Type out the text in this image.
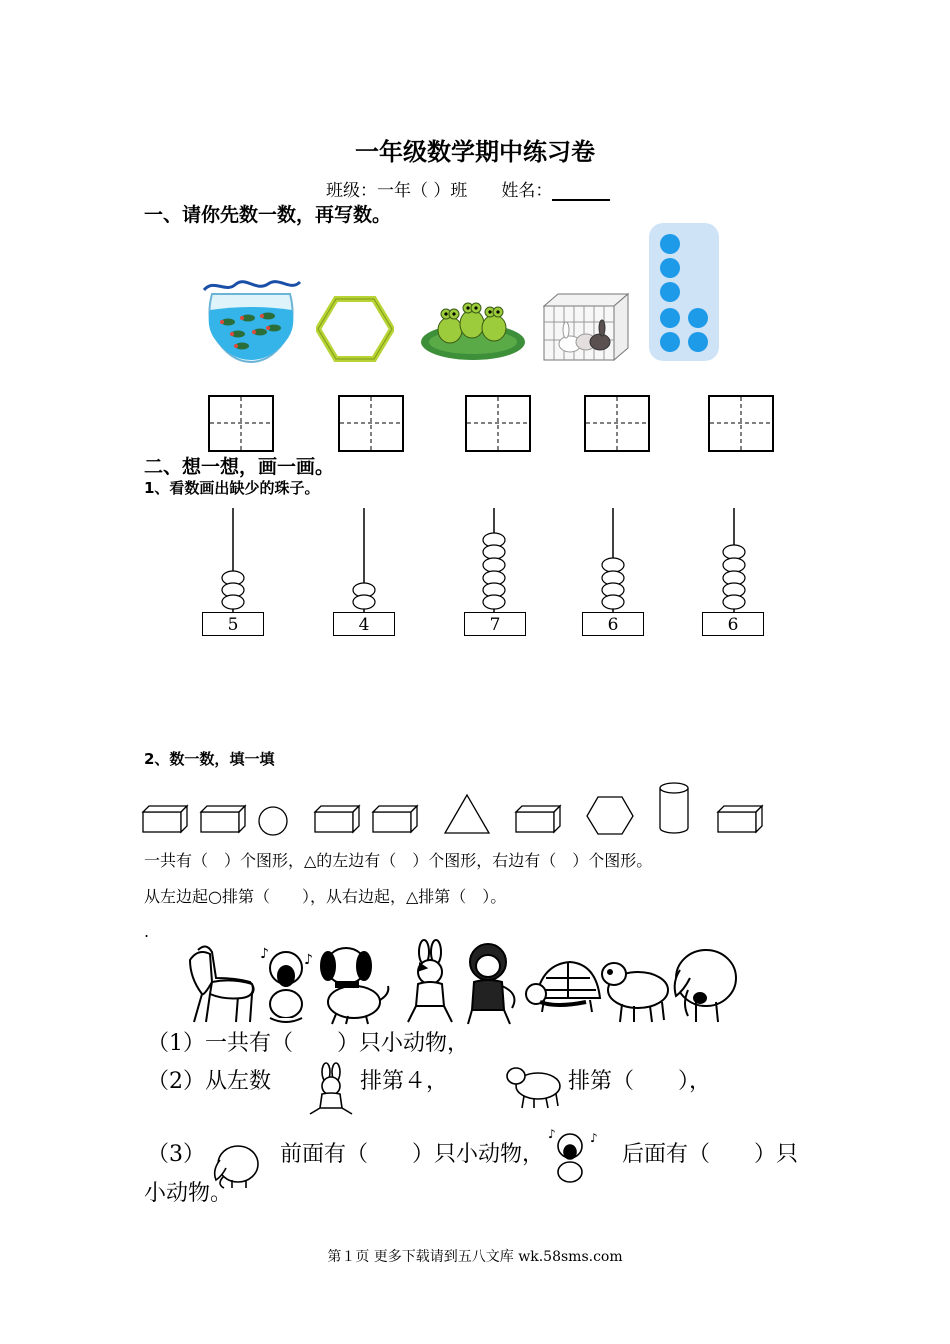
一年级数学期中练习卷
班级：一年（ ）班　　姓名：
一、请你先数一数，再写数。
二、想一想，画一画。
1、看数画出缺少的珠子。
5	4	7	6	6
2、数一数，填一填
一共有（　）个图形，△的左边有（　）个图形，右边有（　）个图形。
从左边起○排第（　　），从右边起，△排第（　）。
.
♪	♪
（1）一共有（　　）只小动物，
（2）从左数	排第４，	排第（　　），
（3）	前面有（　　）只小动物，
♪	♪
后面有（　　）只
小动物。
第１页 更多下载请到五八文库 wk.58sms.com
